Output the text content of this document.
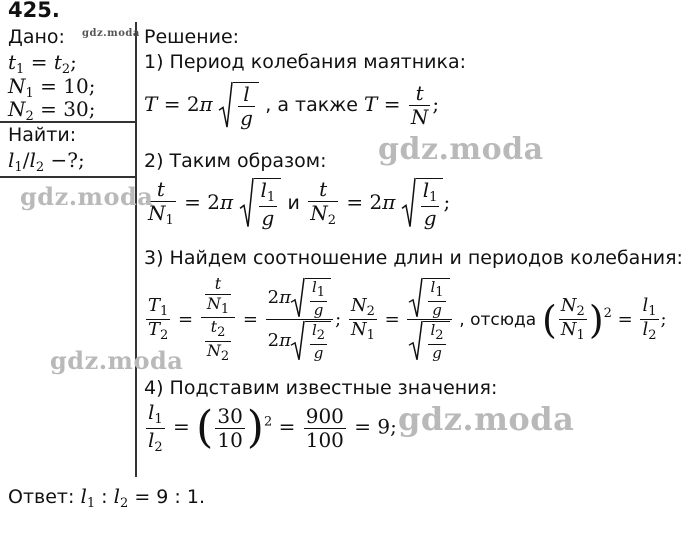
425.
Дано:
$t_1 = t_2$;
$N_1 = 10$;
$N_2 = 30$;
Найти:
$l_1/l_2$ −?;
Решение:
1) Период колебания маятника:
$T = 2\pi \frac{l}{g}$ , а также $T = \frac{t}{N}$ ;
2) Таким образом:
$\frac{t}{N_1} = 2\pi \frac{l_1}{g}$ и $\frac{t}{N_2} = 2\pi \frac{l_1}{g}$ ;
3) Найдем соотношение длин и периодов колебания:
$\frac{T_1}{T_2} = \frac{\frac{t}{N_1}}{\frac{t_2}{N_2}} = \frac{2\pi \frac{l_1}{g}}{2\pi \frac{l_2}{g}}$ ; $\frac{N_2}{N_1} = \frac{\frac{l_1}{g}}{\frac{l_2}{g}}$ , отсюда ( $\frac{N_2}{N_1} )^2 = \frac{l_1}{l_2}$ ;
4) Подставим известные значения:
$\frac{l_1}{l_2}$ = ( $\frac{30}{10} )^2 = \frac{900}{100} = 9$;
Ответ: $l_1$ : $l_2 = 9$ : 1.
gdz.moda
gdz.moda
gdz.moda
gdz.moda
gdz.moda
